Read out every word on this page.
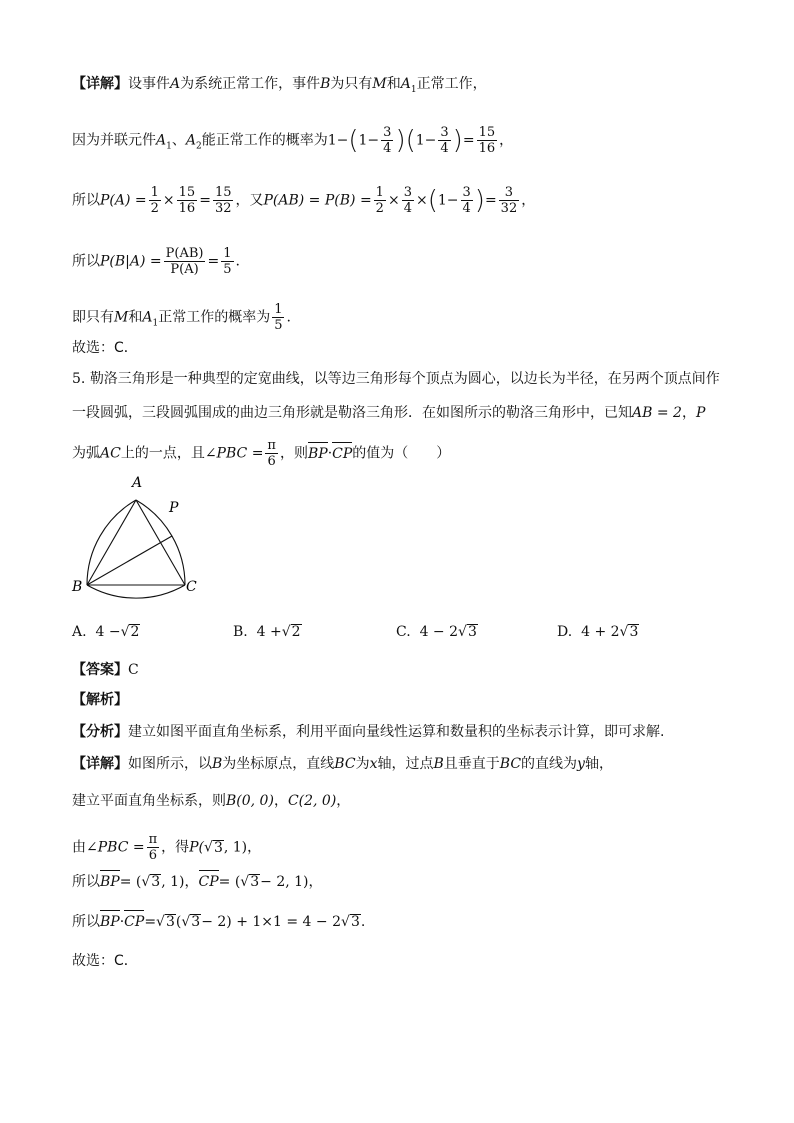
【详解】设事件A为系统正常工作，事件B为只有M和$A_1$正常工作，
因为并联元件$A_1$、$A_2$能正常工作的概率为$1-(1- \frac{3}{4} )(1- \frac{3}{4}$ )= $\frac{15}{16}$ ，
所以$P(A) = \frac{1}{2} \times \frac{15}{16} = \frac{15}{32}$ ，又$P(AB) = P(B) = \frac{1}{2} \times \frac{3}{4} \times(1- \frac{3}{4}$ )= $\frac{3}{32}$ ，
所以$P(B|A) = \frac{P(AB)}{P(A)} = \frac{1}{5}$ .
即只有M和$A_1$正常工作的概率为 $\frac{1}{5}$ .
故选：C．
5. 勒洛三角形是一种典型的定宽曲线，以等边三角形每个顶点为圆心，以边长为半径，在另两个顶点间作
一段圆弧，三段圆弧围成的曲边三角形就是勒洛三角形．在如图所示的勒洛三角形中，已知AB = 2，P
为弧AC上的一点，且∠PBC = $\frac{\pi}{6}$ ，则BP·CP的值为（　　）
A
P
B	C
A. 4 −√2	B. 4 +√2	C. 4 − 2√3	D. 4 + 2√3
【答案】C
【解析】
【分析】建立如图平面直角坐标系，利用平面向量线性运算和数量积的坐标表示计算，即可求解.
【详解】如图所示，以B为坐标原点，直线BC为x轴，过点B且垂直于BC的直线为y轴，
建立平面直角坐标系，则B(0, 0)，C(2, 0)，
由∠PBC = $\frac{\pi}{6}$ ，得P(√3, 1)，
所以BP= (√3, 1)，CP= (√3− 2, 1)，
所以BP·CP=√3(√3− 2) + 1×1 = 4 − 2√3.
故选：C．
